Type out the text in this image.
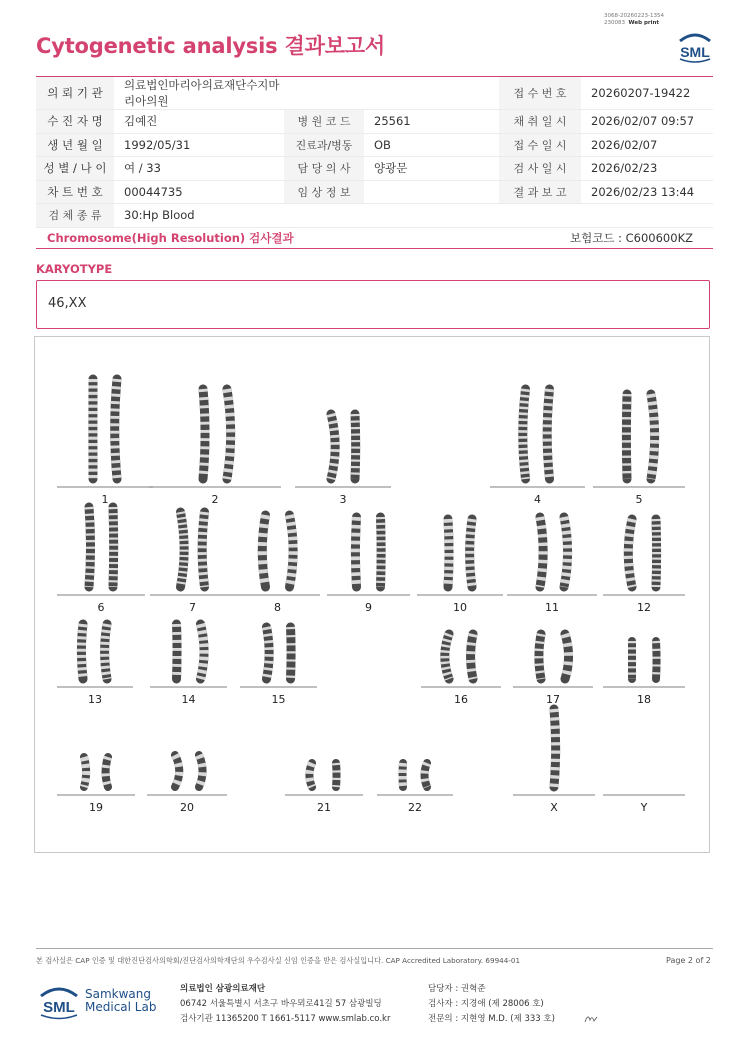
Cytogenetic analysis 결과보고서
3068-20260223-1354
230083 Web print
SML
의 뢰 기 관	의료법인마리아의료재단수지마리아의원			접 수 번 호	20260207-19422
수 진 자 명	김예진	병 원 코 드	25561	채 취 일 시	2026/02/07 09:57
생 년 월 일	1992/05/31	진료과/병동	OB	접 수 일 시	2026/02/07
성 별 / 나 이	여 / 33	담 당 의 사	양광문	검 사 일 시	2026/02/23
차 트 번 호	00044735	임 상 정 보		결 과 보 고	2026/02/23 13:44
검 체 종 류	30:Hp Blood				
Chromosome(High Resolution) 검사결과	보험코드 : C600600KZ
KARYOTYPE
46,XX
1	2	3	4	5
6	7	8	9	10	11	12
13	14	15	16	17	18
19	20	21	22	X	Y
본 검사실은 CAP 인증 및 대한진단검사의학회/진단검사의학재단의 우수검사실 신임 인증을 받은 검사실입니다. CAP Accredited Laboratory. 69944-01	Page 2 of 2
SML
Samkwang
Medical Lab
의료법인 삼광의료재단
06742 서울특별시 서초구 바우뫼로41길 57 삼광빌딩
검사기관 11365200 T 1661-5117 www.smlab.co.kr
담당자 : 권혁준
검사자 : 지경애 (제 28006 호)
전문의 : 지현영 M.D. (제 333 호)
